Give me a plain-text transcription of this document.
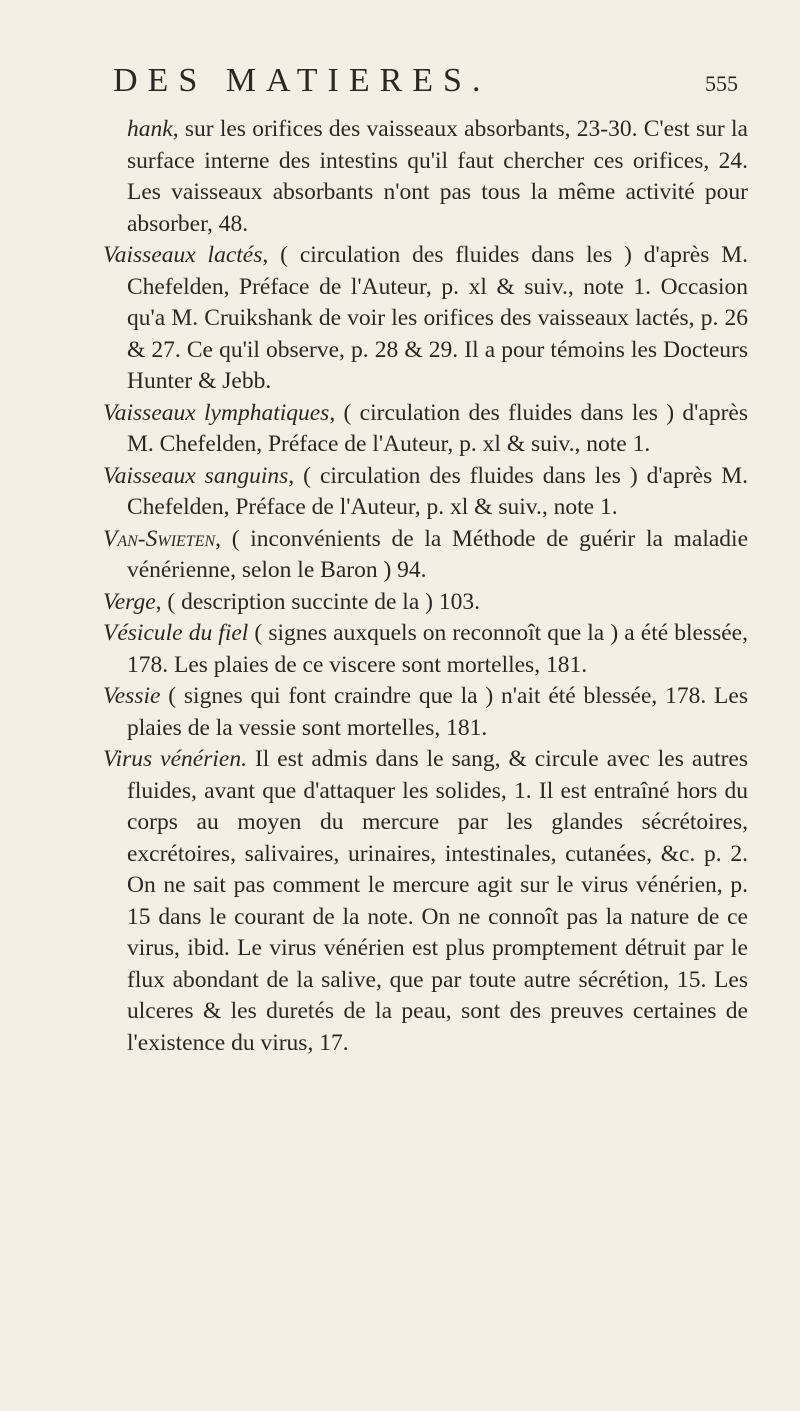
DES MATIERES.	555

hank, sur les orifices des vaisseaux absorbants, 23-30. C'est sur la surface interne des intestins qu'il faut chercher ces orifices, 24. Les vaisseaux absorbants n'ont pas tous la même activité pour absorber, 48.

Vaisseaux lactés, ( circulation des fluides dans les ) d'après M. Chefelden, Préface de l'Auteur, p. xl & suiv., note 1. Occasion qu'a M. Cruikshank de voir les orifices des vaisseaux lactés, p. 26 & 27. Ce qu'il observe, p. 28 & 29. Il a pour témoins les Docteurs Hunter & Jebb.

Vaisseaux lymphatiques, ( circulation des fluides dans les ) d'après M. Chefelden, Préface de l'Auteur, p. xl & suiv., note 1.

Vaisseaux sanguins, ( circulation des fluides dans les ) d'après M. Chefelden, Préface de l'Auteur, p. xl & suiv., note 1.

Van-Swieten, ( inconvénients de la Méthode de guérir la maladie vénérienne, selon le Baron ) 94.

Verge, ( description succinte de la ) 103.

Vésicule du fiel ( signes auxquels on reconnoît que la ) a été blessée, 178. Les plaies de ce viscere sont mortelles, 181.

Vessie ( signes qui font craindre que la ) n'ait été blessée, 178. Les plaies de la vessie sont mortelles, 181.

Virus vénérien. Il est admis dans le sang, & circule avec les autres fluides, avant que d'attaquer les solides, 1. Il est entraîné hors du corps au moyen du mercure par les glandes sécrétoires, excrétoires, salivaires, urinaires, intestinales, cutanées, &c. p. 2. On ne sait pas comment le mercure agit sur le virus vénérien, p. 15 dans le courant de la note. On ne connoît pas la nature de ce virus, ibid. Le virus vénérien est plus promptement détruit par le flux abondant de la salive, que par toute autre sécrétion, 15. Les ulceres & les duretés de la peau, sont des preuves certaines de l'existence du virus, 17.
